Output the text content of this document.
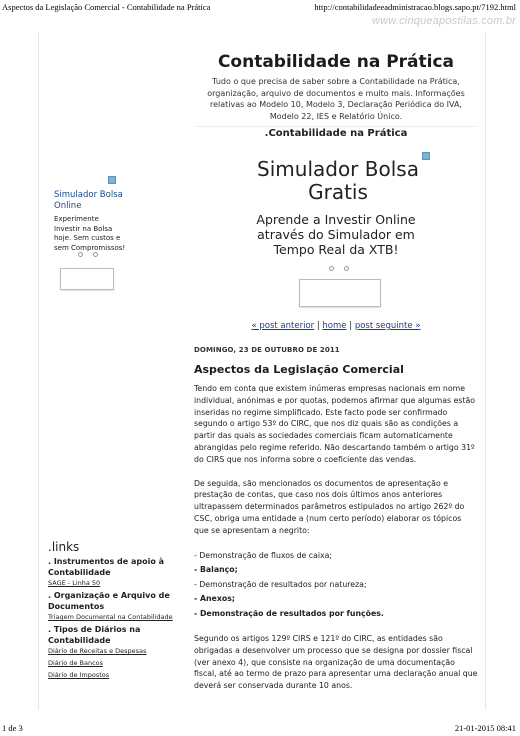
Aspectos da Legislação Comercial - Contabilidade na Prática	http://contabilidadeeadministracao.blogs.sapo.pt/7192.html
www.cinqueapostilas.com.br
Simulador Bolsa Online
Experimente Investir na Bolsa hoje. Sem custos e sem Compromissos!
.links
. Instrumentos de apoio à Contabilidade
SAGE - Linha 50
. Organização e Arquivo de Documentos
Triagem Documental na Contabilidade
. Tipos de Diários na Contabilidade
Diário de Receitas e Despesas
Diário de Bancos
Diário de Impostos
Contabilidade na Prática
Tudo o que precisa de saber sobre a Contabilidade na Prática, organização, arquivo de documentos e muito mais. Informações relativas ao Modelo 10, Modelo 3, Declaração Periódica do IVA, Modelo 22, IES e Relatório Único.
.Contabilidade na Prática
Simulador Bolsa Gratis
Aprende a Investir Online através do Simulador em Tempo Real da XTB!
« post anterior | home | post seguinte »
DOMINGO, 23 DE OUTUBRO DE 2011
Aspectos da Legislação Comercial

Tendo em conta que existem inúmeras empresas nacionais em nome individual, anónimas e por quotas, podemos afirmar que algumas estão inseridas no regime simplificado. Este facto pode ser confirmado segundo o artigo 53º do CIRC, que nos diz quais são as condições a partir das quais as sociedades comerciais ficam automaticamente abrangidas pelo regime referido. Não descartando também o artigo 31º do CIRS que nos informa sobre o coeficiente das vendas.

De seguida, são mencionados os documentos de apresentação e prestação de contas, que caso nos dois últimos anos anteriores ultrapassem determinados parâmetros estipulados no artigo 262º do CSC, obriga uma entidade a (num certo período) elaborar os tópicos que se apresentam a negrito:

- Demonstração de fluxos de caixa;
- Balanço;
- Demonstração de resultados por natureza;
- Anexos;
- Demonstração de resultados por funções.

Segundo os artigos 129º CIRS e 121º do CIRC, as entidades são obrigadas a desenvolver um processo que se designa por dossier fiscal (ver anexo 4), que consiste na organização de uma documentação fiscal, até ao termo de prazo para apresentar uma declaração anual que deverá ser conservada durante 10 anos.

1 de 3	21-01-2015 08:41
